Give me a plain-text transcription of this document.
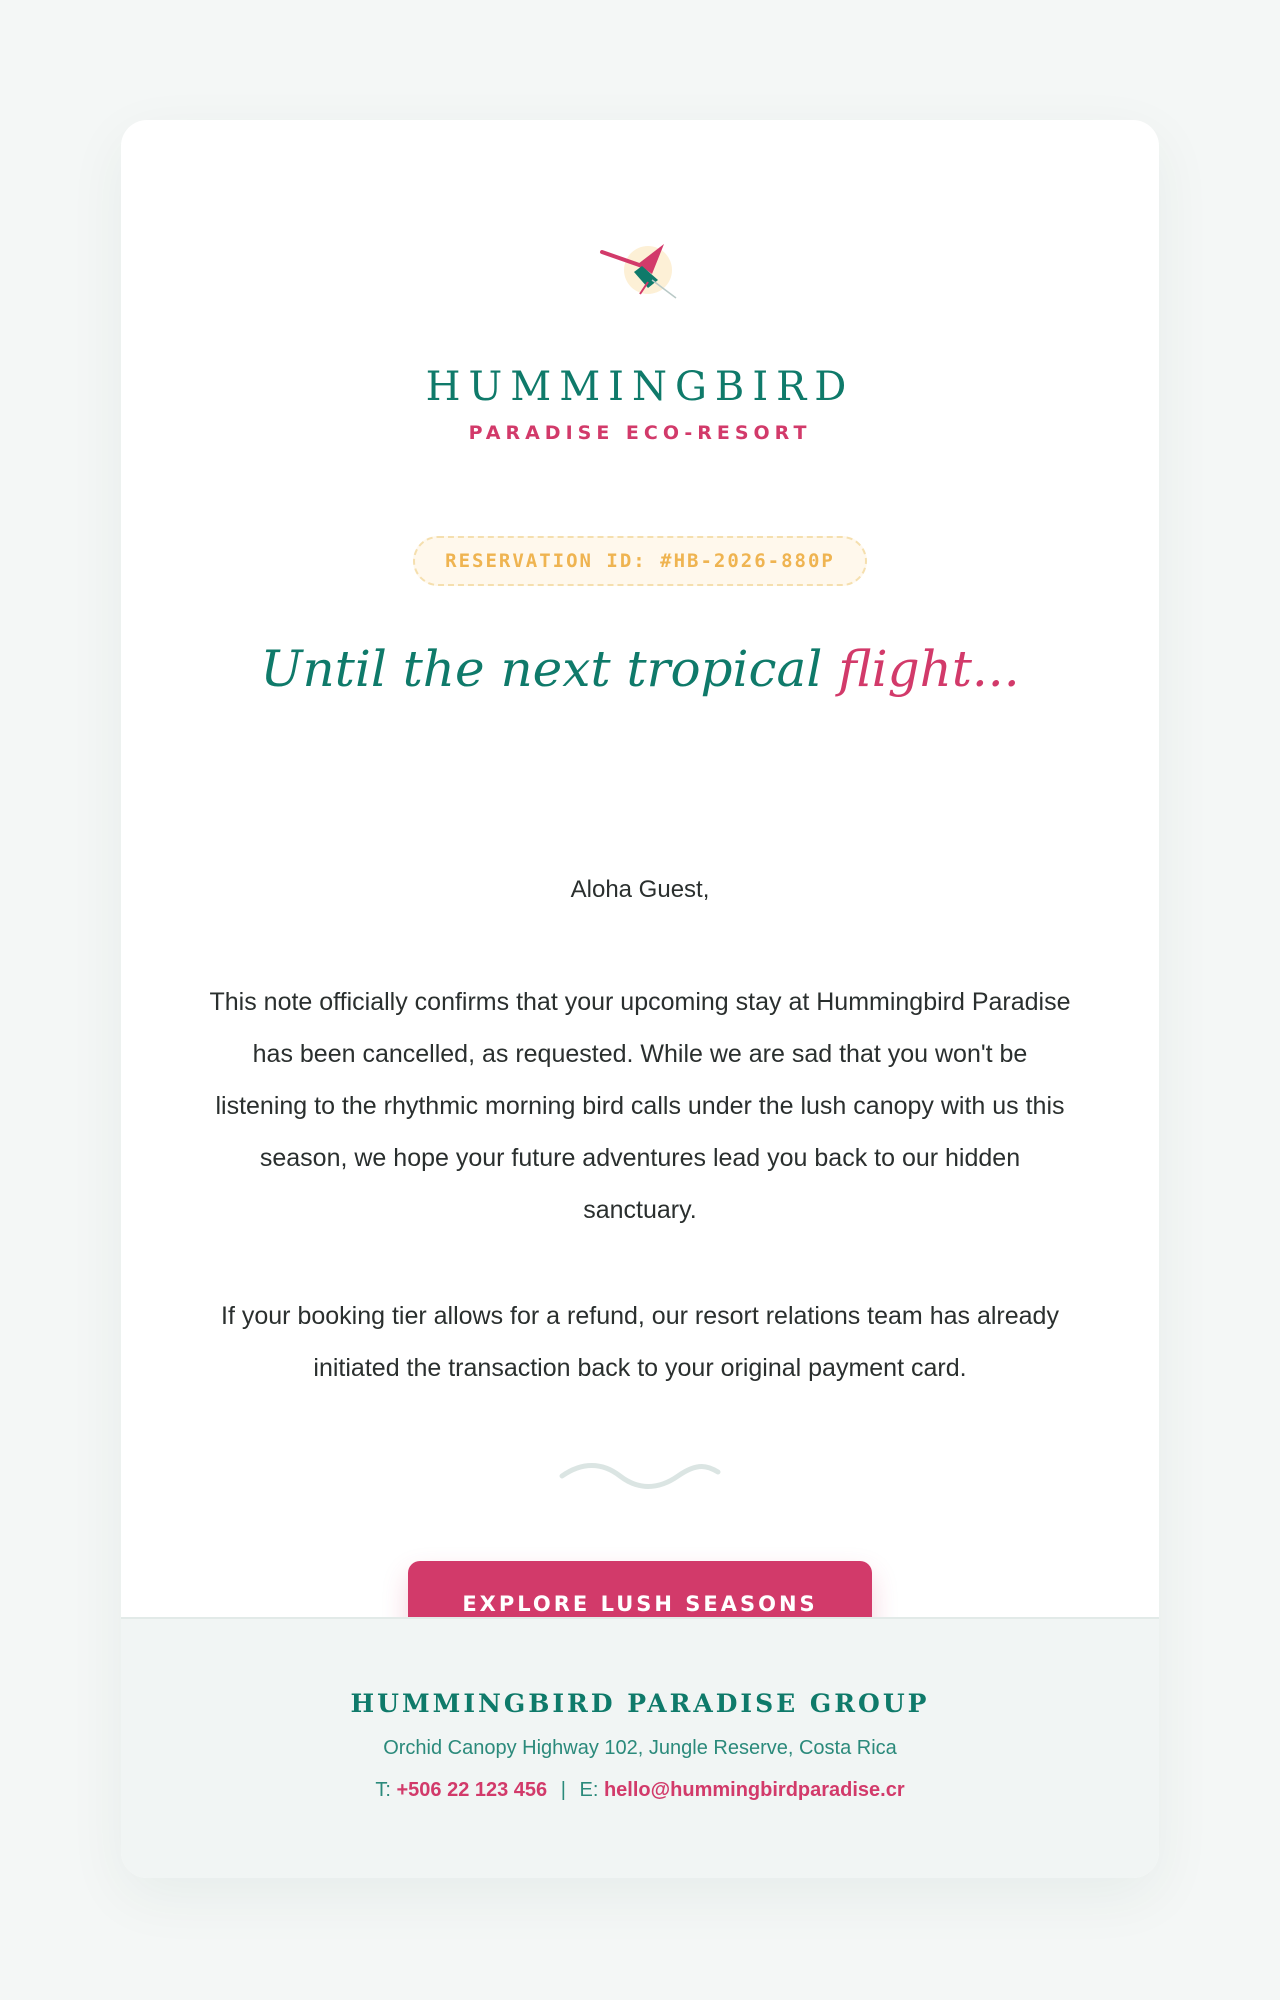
HUMMINGBIRD
PARADISE ECO-RESORT
RESERVATION ID: #HB-2026-880P
Until the next tropical flight...
Aloha Guest,
This note officially confirms that your upcoming stay at Hummingbird Paradise has been cancelled, as requested. While we are sad that you won't be listening to the rhythmic morning bird calls under the lush canopy with us this season, we hope your future adventures lead you back to our hidden sanctuary.
If your booking tier allows for a refund, our resort relations team has already initiated the transaction back to your original payment card.
EXPLORE LUSH SEASONS
HUMMINGBIRD PARADISE GROUP
Orchid Canopy Highway 102, Jungle Reserve, Costa Rica
T: +506 22 123 456 | E: hello@hummingbirdparadise.cr
